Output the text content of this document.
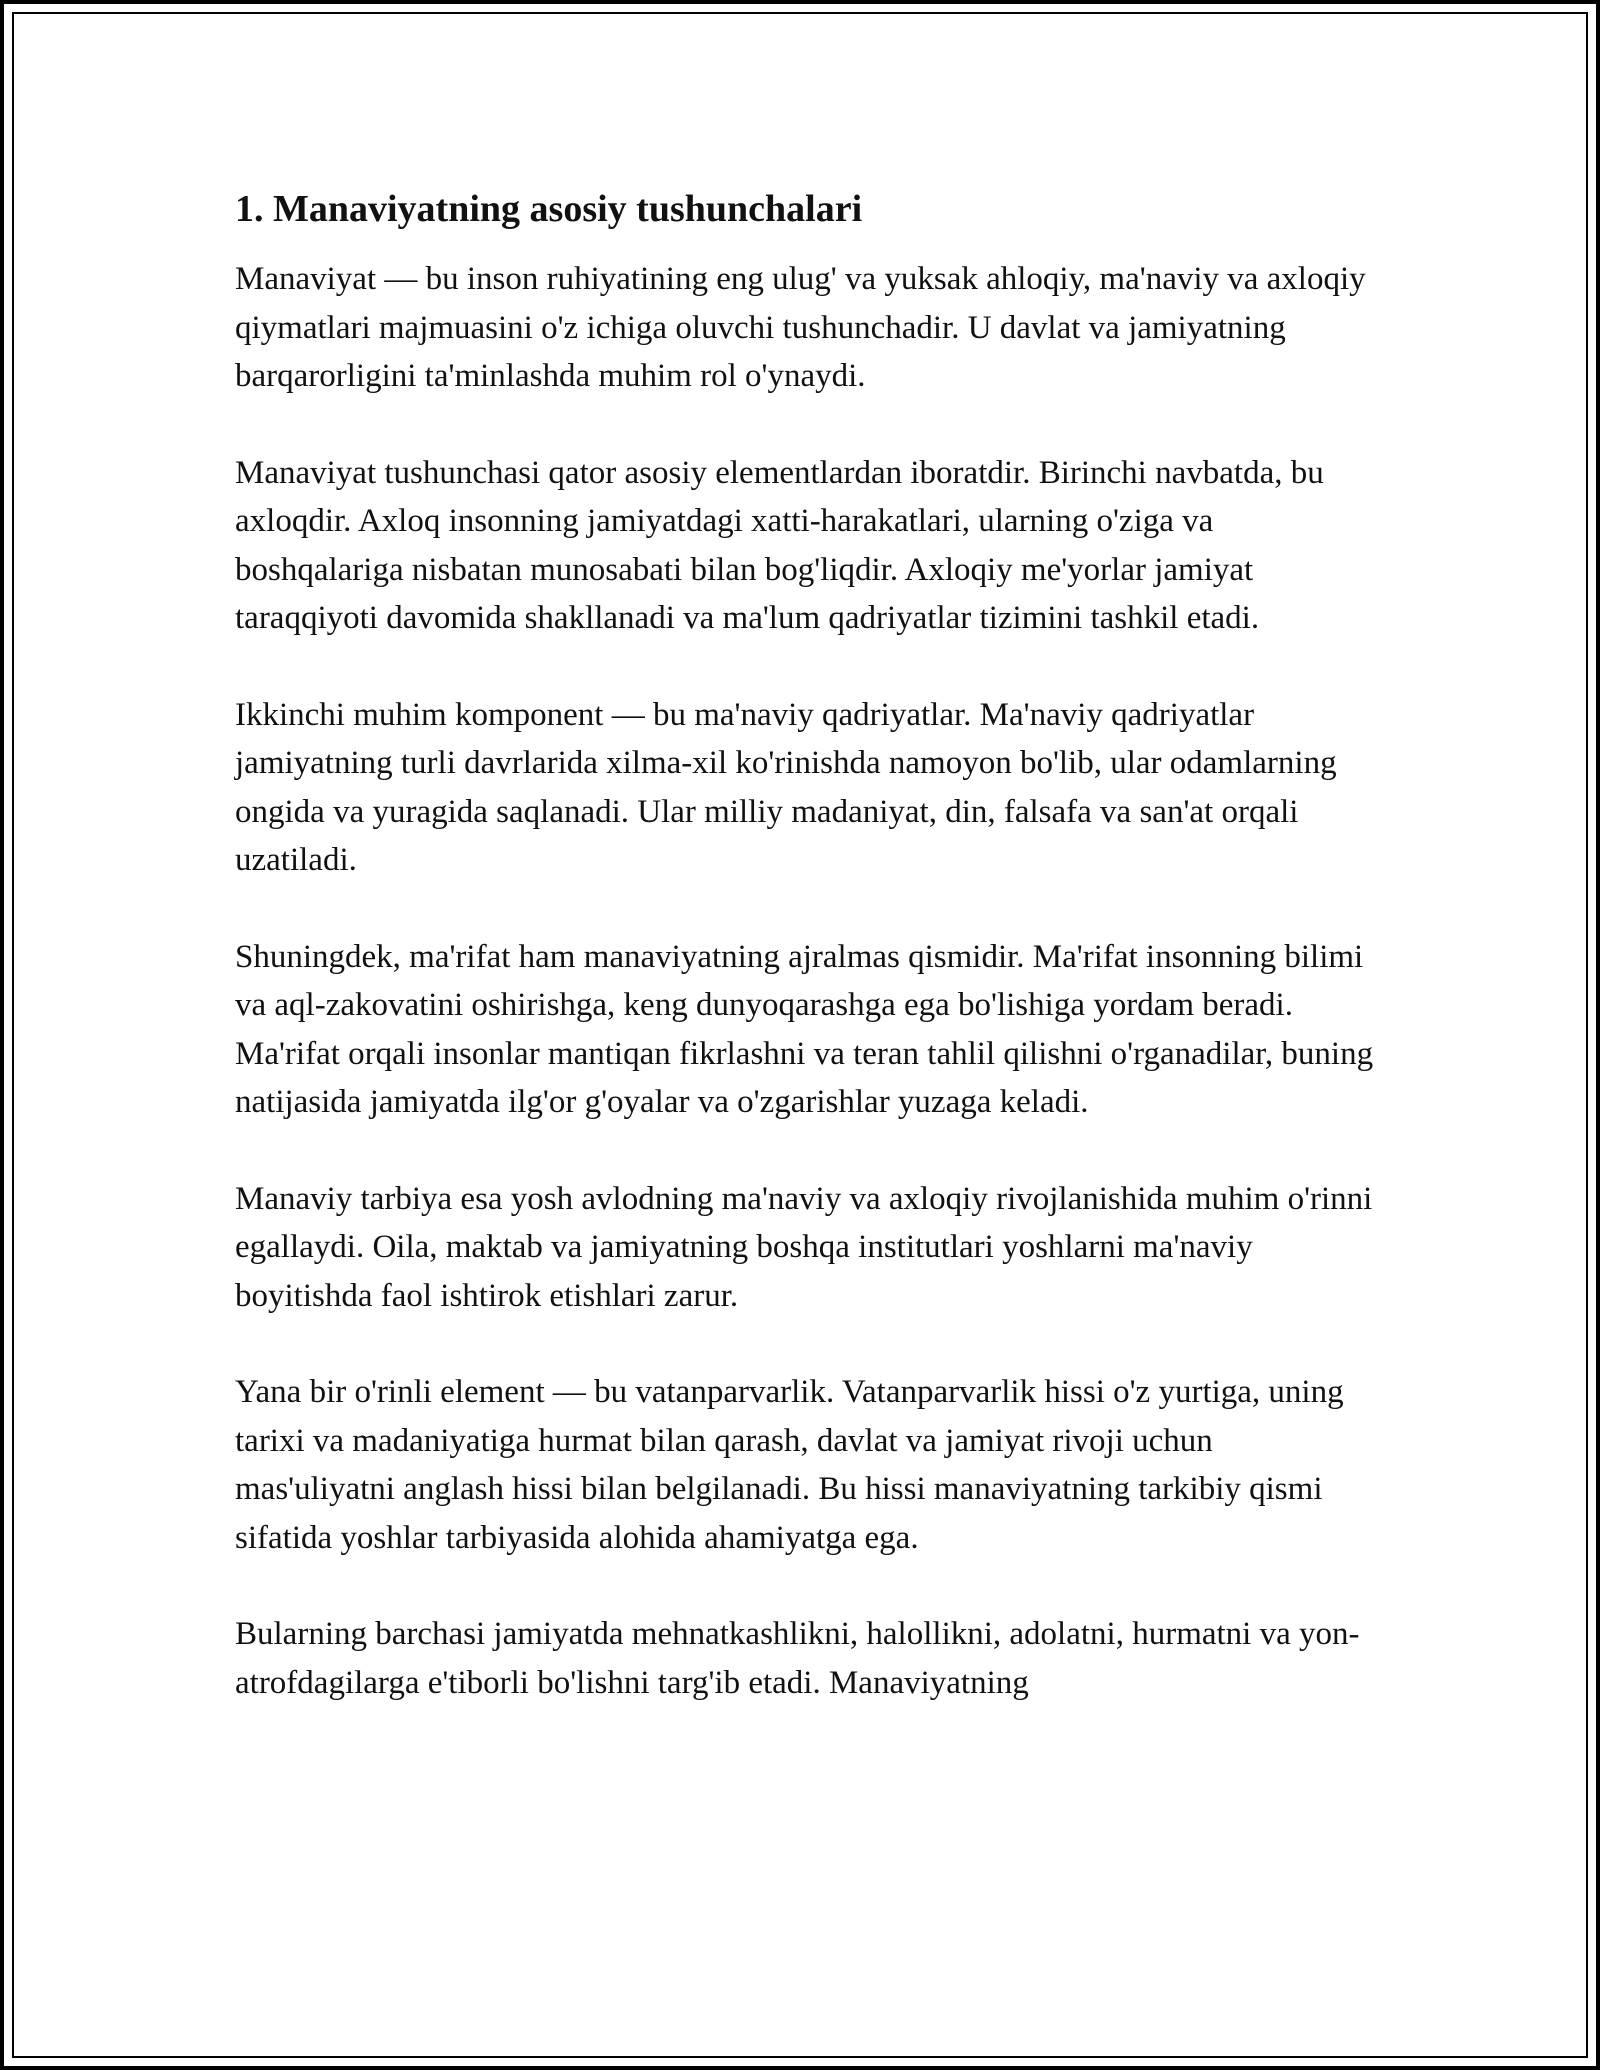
1. Manaviyatning asosiy tushunchalari

Manaviyat — bu inson ruhiyatining eng ulug' va yuksak ahloqiy, ma'naviy va axloqiy qiymatlari majmuasini o'z ichiga oluvchi tushunchadir. U davlat va jamiyatning barqarorligini ta'minlashda muhim rol o'ynaydi.

Manaviyat tushunchasi qator asosiy elementlardan iboratdir. Birinchi navbatda, bu axloqdir. Axloq insonning jamiyatdagi xatti-harakatlari, ularning o'ziga va boshqalariga nisbatan munosabati bilan bog'liqdir. Axloqiy me'yorlar jamiyat taraqqiyoti davomida shakllanadi va ma'lum qadriyatlar tizimini tashkil etadi.

Ikkinchi muhim komponent — bu ma'naviy qadriyatlar. Ma'naviy qadriyatlar jamiyatning turli davrlarida xilma-xil ko'rinishda namoyon bo'lib, ular odamlarning ongida va yuragida saqlanadi. Ular milliy madaniyat, din, falsafa va san'at orqali uzatiladi.

Shuningdek, ma'rifat ham manaviyatning ajralmas qismidir. Ma'rifat insonning bilimi va aql-zakovatini oshirishga, keng dunyoqarashga ega bo'lishiga yordam beradi. Ma'rifat orqali insonlar mantiqan fikrlashni va teran tahlil qilishni o'rganadilar, buning natijasida jamiyatda ilg'or g'oyalar va o'zgarishlar yuzaga keladi.

Manaviy tarbiya esa yosh avlodning ma'naviy va axloqiy rivojlanishida muhim o'rinni egallaydi. Oila, maktab va jamiyatning boshqa institutlari yoshlarni ma'naviy boyitishda faol ishtirok etishlari zarur.

Yana bir o'rinli element — bu vatanparvarlik. Vatanparvarlik hissi o'z yurtiga, uning tarixi va madaniyatiga hurmat bilan qarash, davlat va jamiyat rivoji uchun mas'uliyatni anglash hissi bilan belgilanadi. Bu hissi manaviyatning tarkibiy qismi sifatida yoshlar tarbiyasida alohida ahamiyatga ega.

Bularning barchasi jamiyatda mehnatkashlikni, halollikni, adolatni, hurmatni va yon-atrofdagilarga e'tiborli bo'lishni targ'ib etadi. Manaviyatning
